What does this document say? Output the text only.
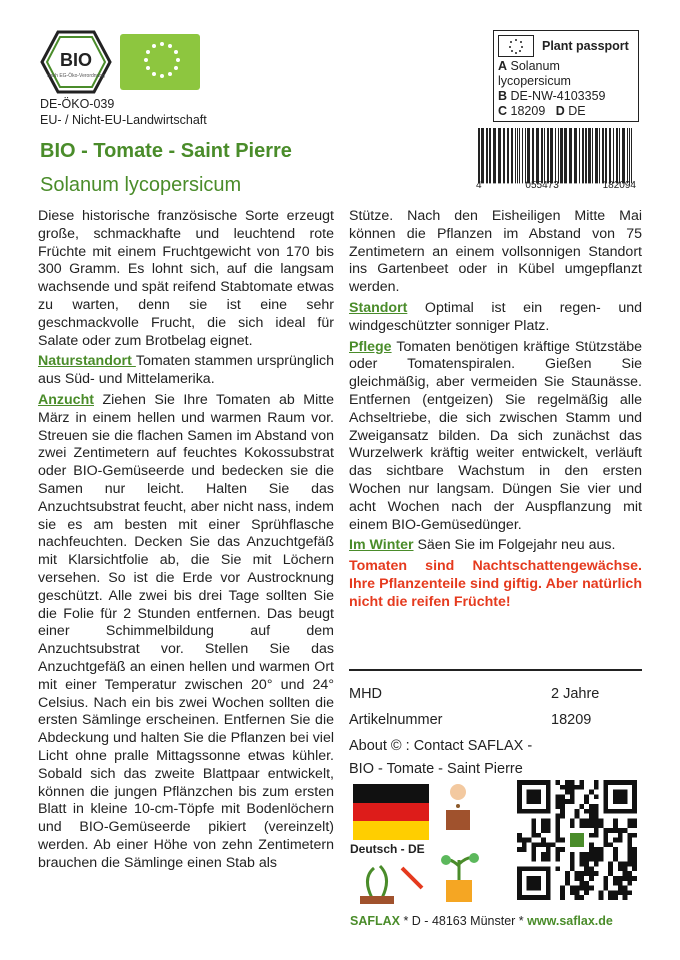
BIO
nach EG-Öko-Verordnung
DE-ÖKO-039
EU- / Nicht-EU-Landwirtschaft
Plant passport
A Solanum
lycopersicum
B DE-NW-4103359
C 18209 D DE
4	055473	182094
BIO - Tomate - Saint Pierre
Solanum lycopersicum

Diese historische französische Sorte erzeugt große, schmackhafte und leuchtend rote Früchte mit einem Fruchtgewicht von 170 bis 300 Gramm. Es lohnt sich, auf die langsam wachsende und spät reifend Stabtomate etwas zu warten, denn sie ist eine sehr geschmackvolle Frucht, die sich ideal für Salate oder zum Brotbelag eignet.

Naturstandort Tomaten stammen ursprünglich aus Süd- und Mittelamerika.

Anzucht Ziehen Sie Ihre Tomaten ab Mitte März in einem hellen und warmen Raum vor. Streuen sie die flachen Samen im Abstand von zwei Zentimetern auf feuchtes Kokossubstrat oder BIO-Gemüseerde und bedecken sie die Samen nur leicht. Halten Sie das Anzuchtsubstrat feucht, aber nicht nass, indem sie es am besten mit einer Sprühflasche nachfeuchten. Decken Sie das Anzuchtgefäß mit Klarsichtfolie ab, die Sie mit Löchern versehen. So ist die Erde vor Austrocknung geschützt. Alle zwei bis drei Tage sollten Sie die Folie für 2 Stunden entfernen. Das beugt einer Schimmelbildung auf dem Anzuchtsubstrat vor. Stellen Sie das Anzuchtgefäß an einen hellen und warmen Ort mit einer Temperatur zwischen 20° und 24° Celsius. Nach ein bis zwei Wochen sollten die ersten Sämlinge erscheinen. Entfernen Sie die Abdeckung und halten Sie die Pflanzen bei viel Licht ohne pralle Mittagssonne etwas kühler. Sobald sich das zweite Blattpaar entwickelt, können die jungen Pflänzchen bis zum ersten Blatt in kleine 10-cm-Töpfe mit Bodenlöchern und BIO-Gemüseerde pikiert (vereinzelt) werden. Ab einer Höhe von zehn Zentimetern brauchen die Sämlinge einen Stab als

Stütze. Nach den Eisheiligen Mitte Mai können die Pflanzen im Abstand von 75 Zentimetern an einem vollsonnigen Standort ins Gartenbeet oder in Kübel umgepflanzt werden.

Standort Optimal ist ein regen- und windgeschützter sonniger Platz.

Pflege Tomaten benötigen kräftige Stützstäbe oder Tomatenspiralen. Gießen Sie gleichmäßig, aber vermeiden Sie Staunässe. Entfernen (entgeizen) Sie regelmäßig alle Achseltriebe, die sich zwischen Stamm und Zweigansatz bilden. Da sich zunächst das Wurzelwerk kräftig weiter entwickelt, verläuft das sichtbare Wachstum in den ersten Wochen nur langsam. Düngen Sie vier und acht Wochen nach der Auspflanzung mit einem BIO-Gemüsedünger.

Im Winter Säen Sie im Folgejahr neu aus.

Tomaten sind Nachtschattengewächse. Ihre Pflanzenteile sind giftig. Aber natürlich nicht die reifen Früchte!

MHD	2 Jahre
Artikelnummer	18209
About © : Contact SAFLAX -
BIO - Tomate - Saint Pierre
Deutsch - DE
SAFLAX * D - 48163 Münster * www.saflax.de
